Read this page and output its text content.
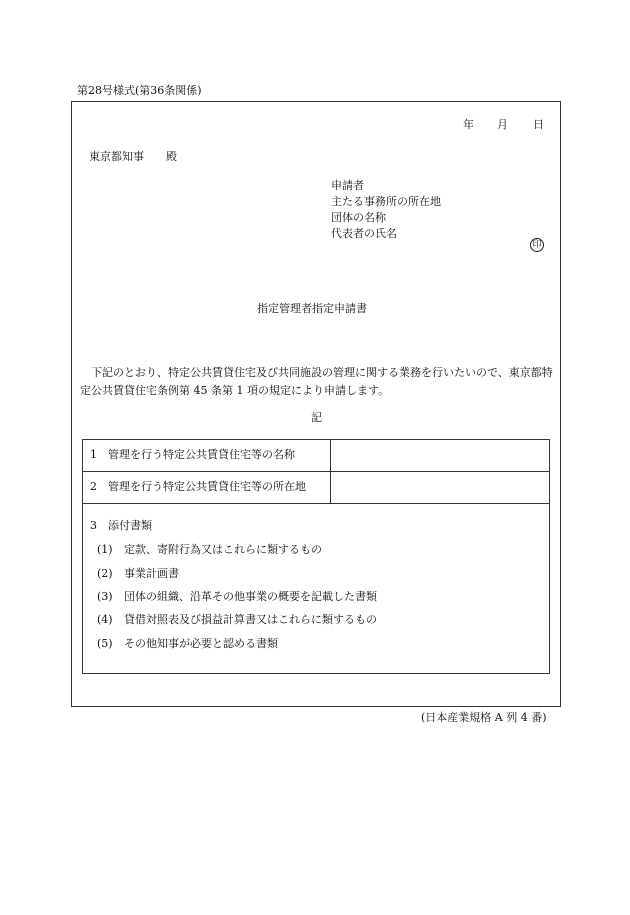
第28号様式(第36条関係)
年 月 日
東京都知事　　殿
申請者
主たる事務所の所在地
団体の名称
代表者の氏名
印
指定管理者指定申請書
下記のとおり、特定公共賃貸住宅及び共同施設の管理に関する業務を行いたいので、東京都特定公共賃貸住宅条例第 45 条第 1 項の規定により申請します。
記
1　管理を行う特定公共賃貸住宅等の名称
2　管理を行う特定公共賃貸住宅等の所在地
3　添付書類
(1) 定款、寄附行為又はこれらに類するもの
(2) 事業計画書
(3) 団体の組織、沿革その他事業の概要を記載した書類
(4) 貸借対照表及び損益計算書又はこれらに類するもの
(5) その他知事が必要と認める書類
(日本産業規格 A 列 4 番)
